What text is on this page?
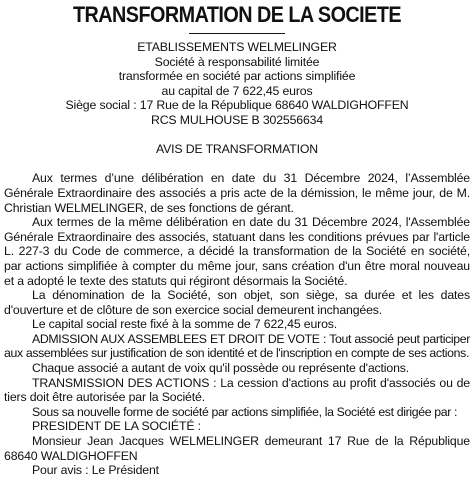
TRANSFORMATION DE LA SOCIETE
ETABLISSEMENTS WELMELINGER
Société à responsabilité limitée
transformée en société par actions simplifiée
au capital de 7 622,45 euros
Siège social : 17 Rue de la République 68640 WALDIGHOFFEN
RCS MULHOUSE B 302556634
AVIS DE TRANSFORMATION

Aux termes d’une délibération en date du 31 Décembre 2024, l’Assemblée Générale Extraordinaire des associés a pris acte de la démission, le même jour, de M. Christian WELMELINGER, de ses fonctions de gérant.

Aux termes de la même délibération en date du 31 Décembre 2024, l'Assemblée Générale Extraordinaire des associés, statuant dans les conditions prévues par l'article L. 227-3 du Code de commerce, a décidé la transformation de la Société en société, par actions simplifiée à compter du même jour, sans création d'un être moral nouveau et a adopté le texte des statuts qui régiront désormais la Société.

La dénomination de la Société, son objet, son siège, sa durée et les dates d'ouverture et de clôture de son exercice social demeurent inchangées.

Le capital social reste fixé à la somme de 7 622,45 euros.

ADMISSION AUX ASSEMBLEES ET DROIT DE VOTE : Tout associé peut participer aux assemblées sur justification de son identité et de l'inscription en compte de ses actions.

Chaque associé a autant de voix qu'il possède ou représente d'actions.

TRANSMISSION DES ACTIONS : La cession d'actions au profit d'associés ou de tiers doit être autorisée par la Société.

Sous sa nouvelle forme de société par actions simplifiée, la Société est dirigée par :

PRESIDENT DE LA SOCIÉTÉ :

Monsieur Jean Jacques WELMELINGER demeurant 17 Rue de la République 68640 WALDIGHOFFEN

Pour avis : Le Président
